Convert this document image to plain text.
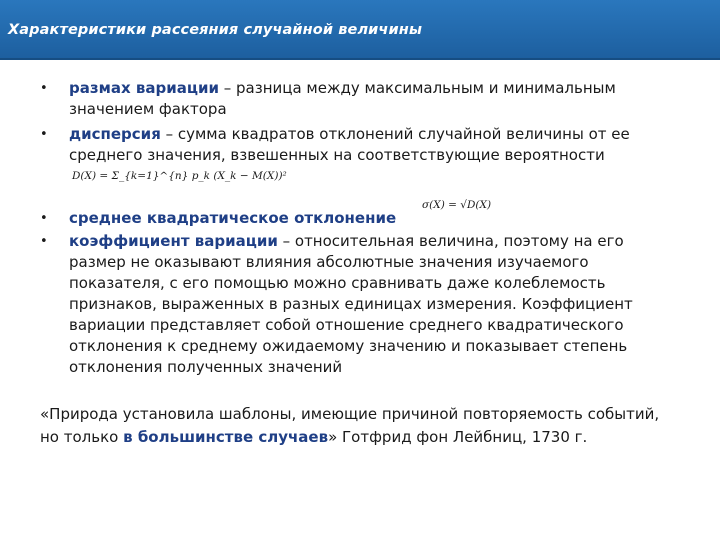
Характеристики рассеяния случайной величины
• размах вариации – разница между максимальным и минимальным значением фактора
• дисперсия – сумма квадратов отклонений случайной величины от ее среднего значения, взвешенных на соответствующие вероятности
• среднее квадратическое отклонение
• коэффициент вариации – относительная величина, поэтому на его размер не оказывают влияния абсолютные значения изучаемого показателя, с его помощью можно сравнивать даже колеблемость признаков, выраженных в разных единицах измерения. Коэффициент вариации представляет собой отношение среднего квадратического отклонения к среднему ожидаемому значению и показывает степень отклонения полученных значений
D(X) = Σ_{k=1}^{n} p_k (X_k − M(X))²
σ(X) = √D(X)
«Природа установила шаблоны, имеющие причиной повторяемость событий, но только в большинстве случаев» Готфрид фон Лейбниц, 1730 г.
